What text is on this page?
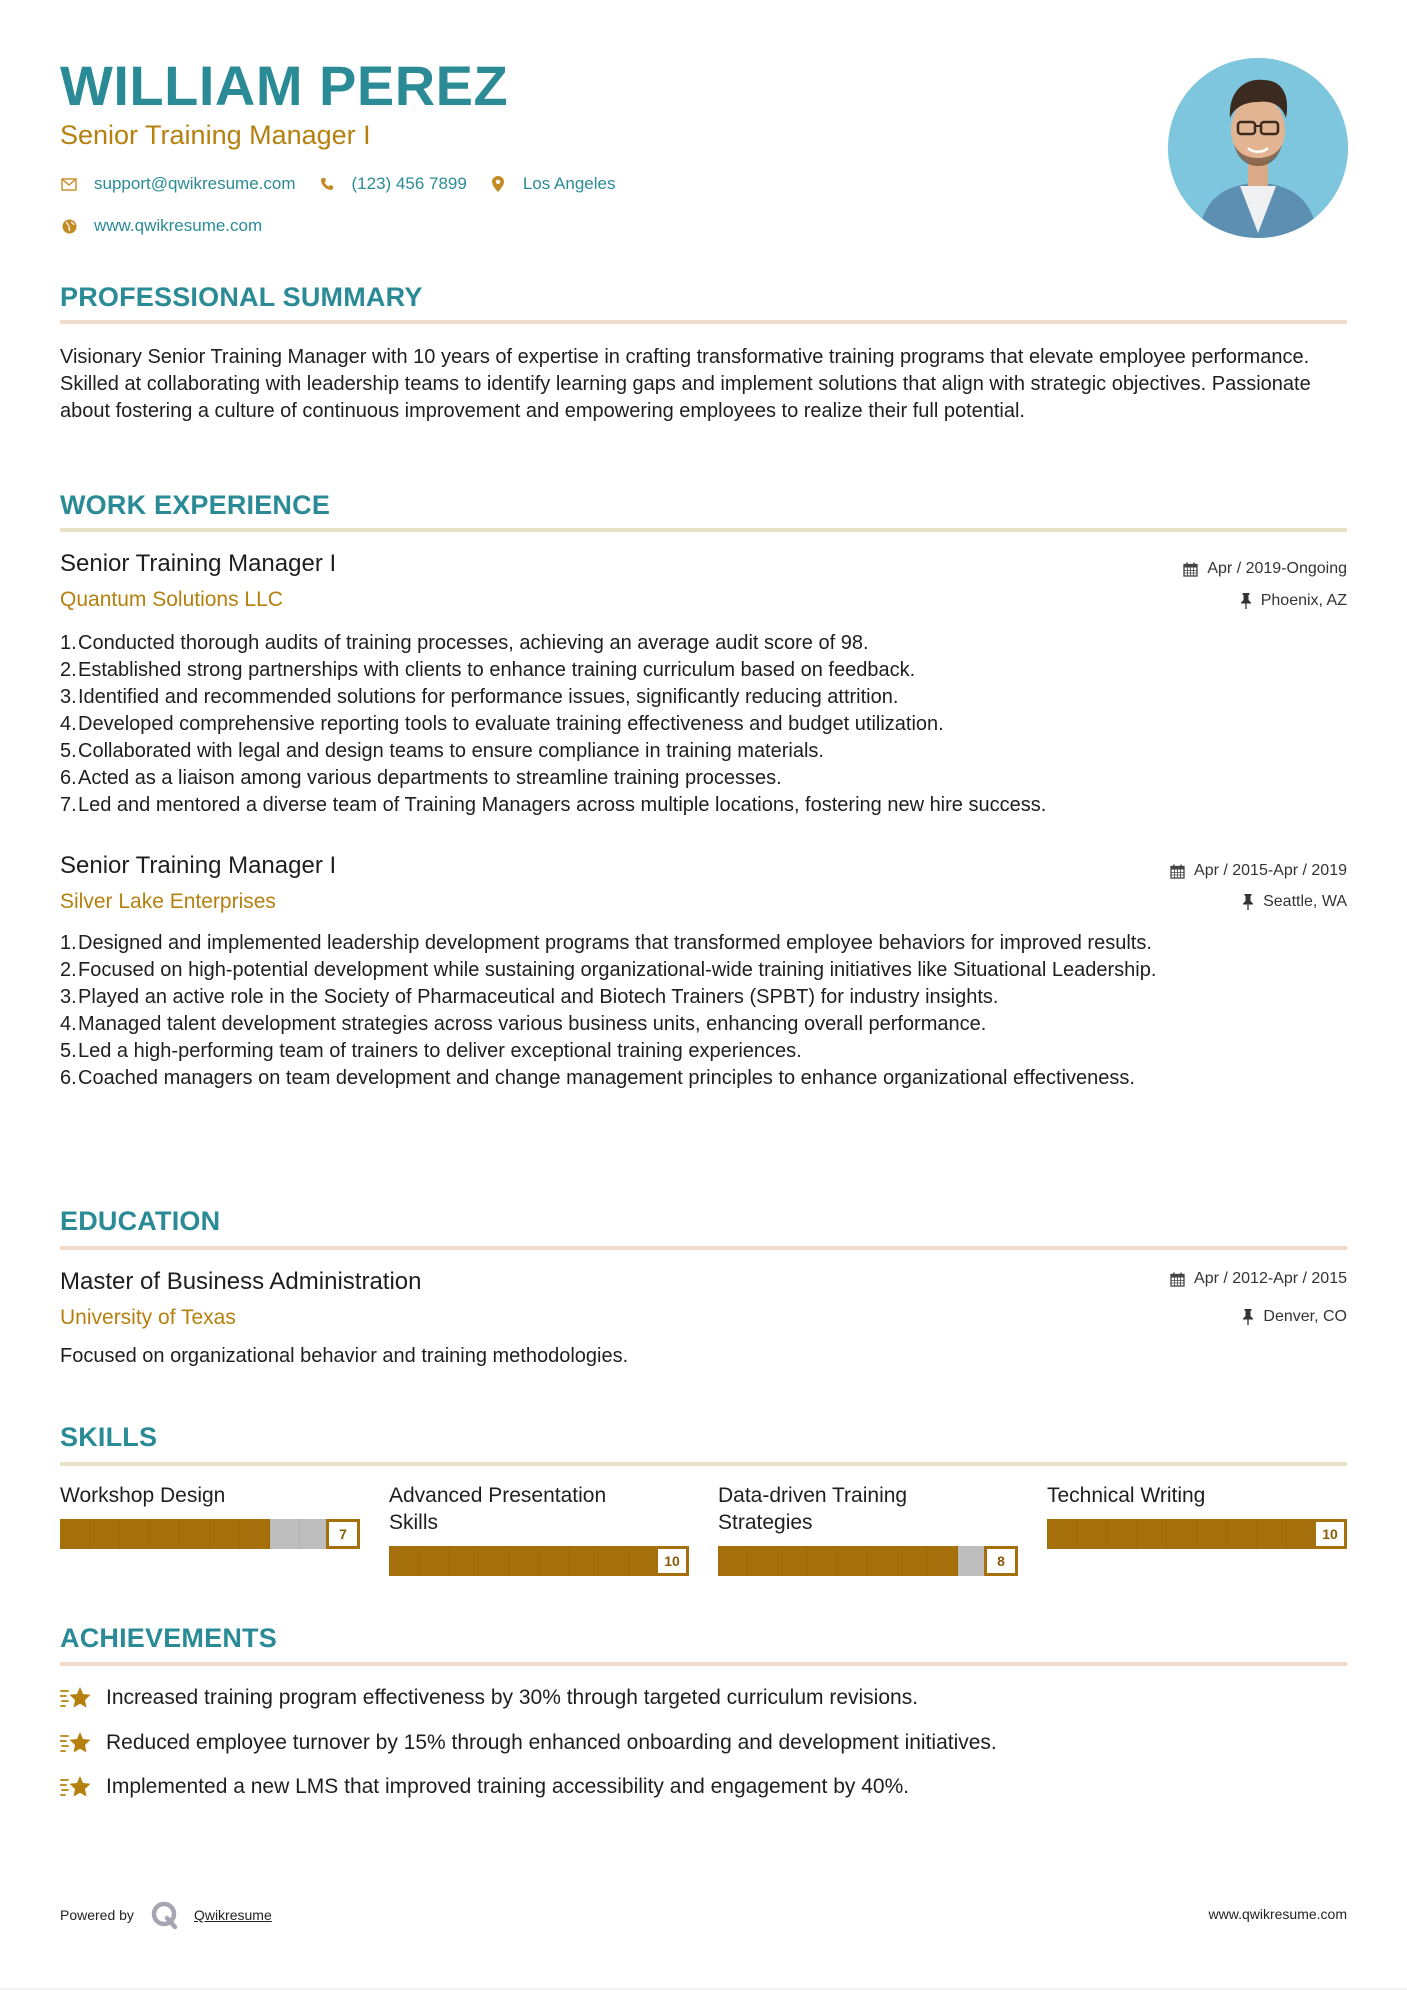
WILLIAM PEREZ
Senior Training Manager I
support@qwikresume.com	(123) 456 7899	Los Angeles
www.qwikresume.com
PROFESSIONAL SUMMARY
Visionary Senior Training Manager with 10 years of expertise in crafting transformative training programs that elevate employee performance. Skilled at collaborating with leadership teams to identify learning gaps and implement solutions that align with strategic objectives. Passionate about fostering a culture of continuous improvement and empowering employees to realize their full potential.
WORK EXPERIENCE
Senior Training Manager I
Quantum Solutions LLC
Apr / 2019-Ongoing
Phoenix, AZ
1. Conducted thorough audits of training processes, achieving an average audit score of 98.
2. Established strong partnerships with clients to enhance training curriculum based on feedback.
3. Identified and recommended solutions for performance issues, significantly reducing attrition.
4. Developed comprehensive reporting tools to evaluate training effectiveness and budget utilization.
5. Collaborated with legal and design teams to ensure compliance in training materials.
6. Acted as a liaison among various departments to streamline training processes.
7. Led and mentored a diverse team of Training Managers across multiple locations, fostering new hire success.
Senior Training Manager I
Silver Lake Enterprises
Apr / 2015-Apr / 2019
Seattle, WA
1. Designed and implemented leadership development programs that transformed employee behaviors for improved results.
2. Focused on high-potential development while sustaining organizational-wide training initiatives like Situational Leadership.
3. Played an active role in the Society of Pharmaceutical and Biotech Trainers (SPBT) for industry insights.
4. Managed talent development strategies across various business units, enhancing overall performance.
5. Led a high-performing team of trainers to deliver exceptional training experiences.
6. Coached managers on team development and change management principles to enhance organizational effectiveness.
EDUCATION
Master of Business Administration
University of Texas
Apr / 2012-Apr / 2015
Denver, CO
Focused on organizational behavior and training methodologies.
SKILLS
Workshop Design
7
Advanced Presentation Skills
10
Data-driven Training Strategies
8
Technical Writing
10
ACHIEVEMENTS
Increased training program effectiveness by 30% through targeted curriculum revisions.
Reduced employee turnover by 15% through enhanced onboarding and development initiatives.
Implemented a new LMS that improved training accessibility and engagement by 40%.
Powered by	Qwikresume	www.qwikresume.com
